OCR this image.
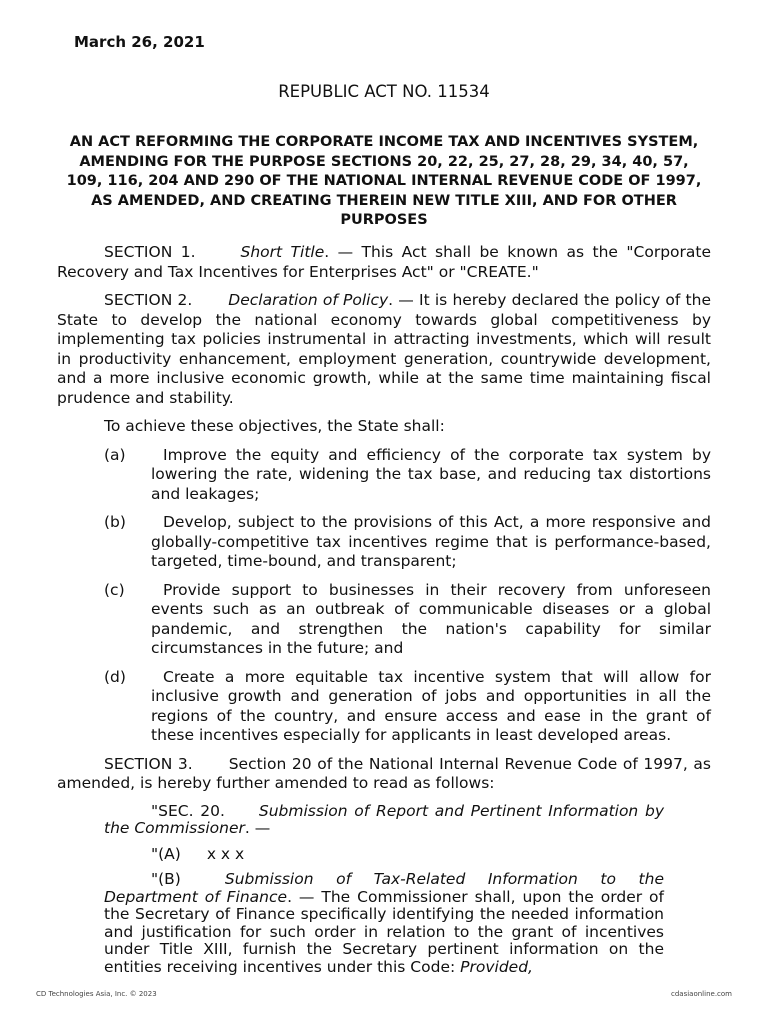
March 26, 2021
REPUBLIC ACT NO. 11534
AN ACT REFORMING THE CORPORATE INCOME TAX AND INCENTIVES SYSTEM, AMENDING FOR THE PURPOSE SECTIONS 20, 22, 25, 27, 28, 29, 34, 40, 57, 109, 116, 204 AND 290 OF THE NATIONAL INTERNAL REVENUE CODE OF 1997, AS AMENDED, AND CREATING THEREIN NEW TITLE XIII, AND FOR OTHER PURPOSES

SECTION 1.	Short Title. — This Act shall be known as the "Corporate Recovery and Tax Incentives for Enterprises Act" or "CREATE."

SECTION 2. Declaration of Policy. — It is hereby declared the policy of the State to develop the national economy towards global competitiveness by implementing tax policies instrumental in attracting investments, which will result in productivity enhancement, employment generation, countrywide development, and a more inclusive economic growth, while at the same time maintaining fiscal prudence and stability.

To achieve these objectives, the State shall:

(a)	Improve the equity and efficiency of the corporate tax system by lowering the rate, widening the tax base, and reducing tax distortions and leakages;
(b)	Develop, subject to the provisions of this Act, a more responsive and globally-competitive tax incentives regime that is performance-based, targeted, time-bound, and transparent;
(c)	Provide support to businesses in their recovery from unforeseen events such as an outbreak of communicable diseases or a global pandemic, and strengthen the nation's capability for similar circumstances in the future; and
(d)	Create a more equitable tax incentive system that will allow for inclusive growth and generation of jobs and opportunities in all the regions of the country, and ensure access and ease in the grant of these incentives especially for applicants in least developed areas.

SECTION 3. Section 20 of the National Internal Revenue Code of 1997, as amended, is hereby further amended to read as follows:

"SEC. 20. Submission of Report and Pertinent Information by the Commissioner. —

"(A) x x x

"(B)	Submission of Tax-Related Information to the Department of Finance. — The Commissioner shall, upon the order of the Secretary of Finance specifically identifying the needed information and justification for such order in relation to the grant of incentives under Title XIII, furnish the Secretary pertinent information on the entities receiving incentives under this Code: Provided,

CD Technologies Asia, Inc. © 2023	cdasiaonline.com
